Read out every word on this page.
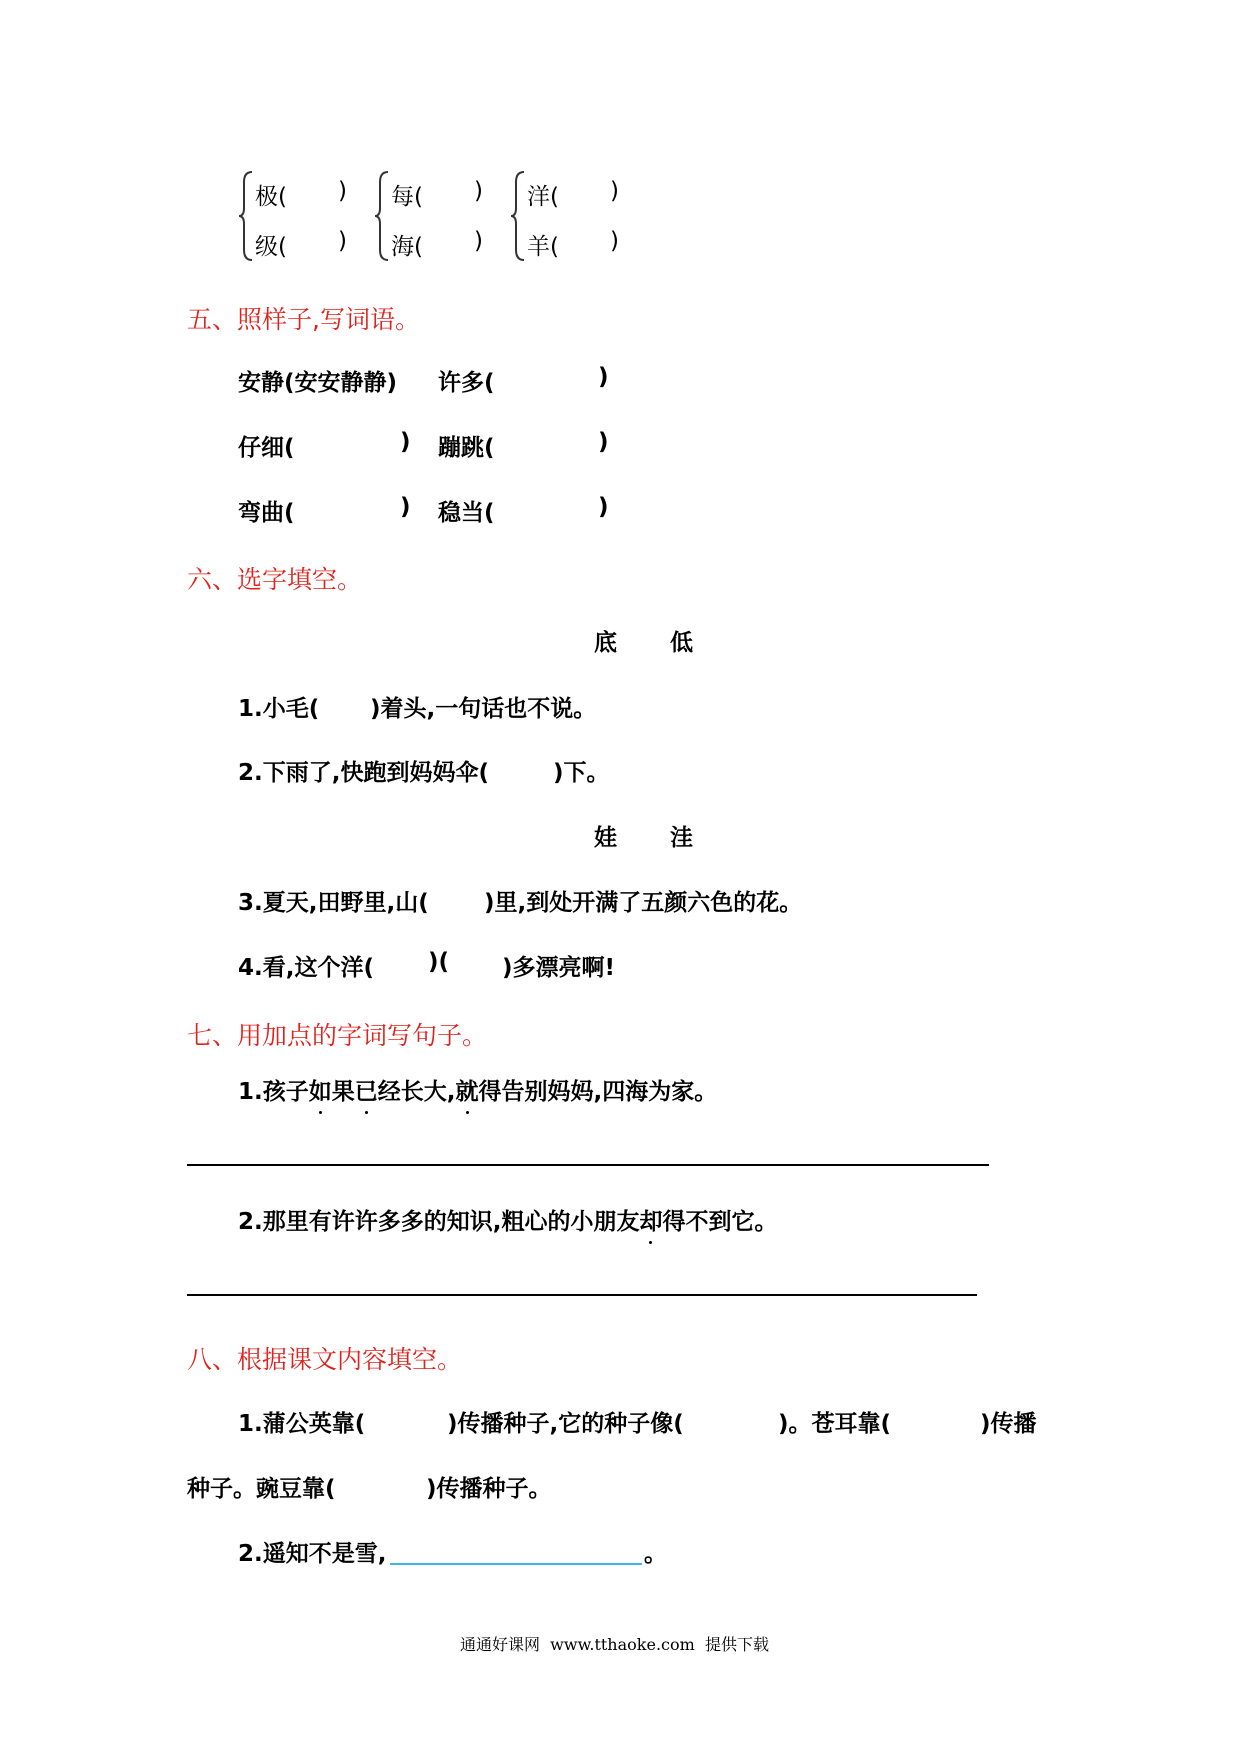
极( )
级( )
每( )
海( )
洋( )
羊( )
五、照样子,写词语。
安静(安安静静) 许多(	)
仔细(	) 蹦跳(	)
弯曲(	) 稳当(	)
六、选字填空。
底 低
1.小毛( )着头,一句话也不说。
2.下雨了,快跑到妈妈伞(	)下。
娃 洼
3.夏天,田野里,山( )里,到处开满了五颜六色的花。
4.看,这个洋( )( )多漂亮啊!
七、用加点的字词写句子。
1.孩子如果已经长大,就得告别妈妈,四海为家。
2.那里有许许多多的知识,粗心的小朋友却得不到它。
八、根据课文内容填空。
1.蒲公英靠(	)传播种子,它的种子像(	)。苍耳靠(	)传播
种子。豌豆靠(	)传播种子。
2.遥知不是雪,	。
通通好课网  www.tthaoke.com  提供下载
